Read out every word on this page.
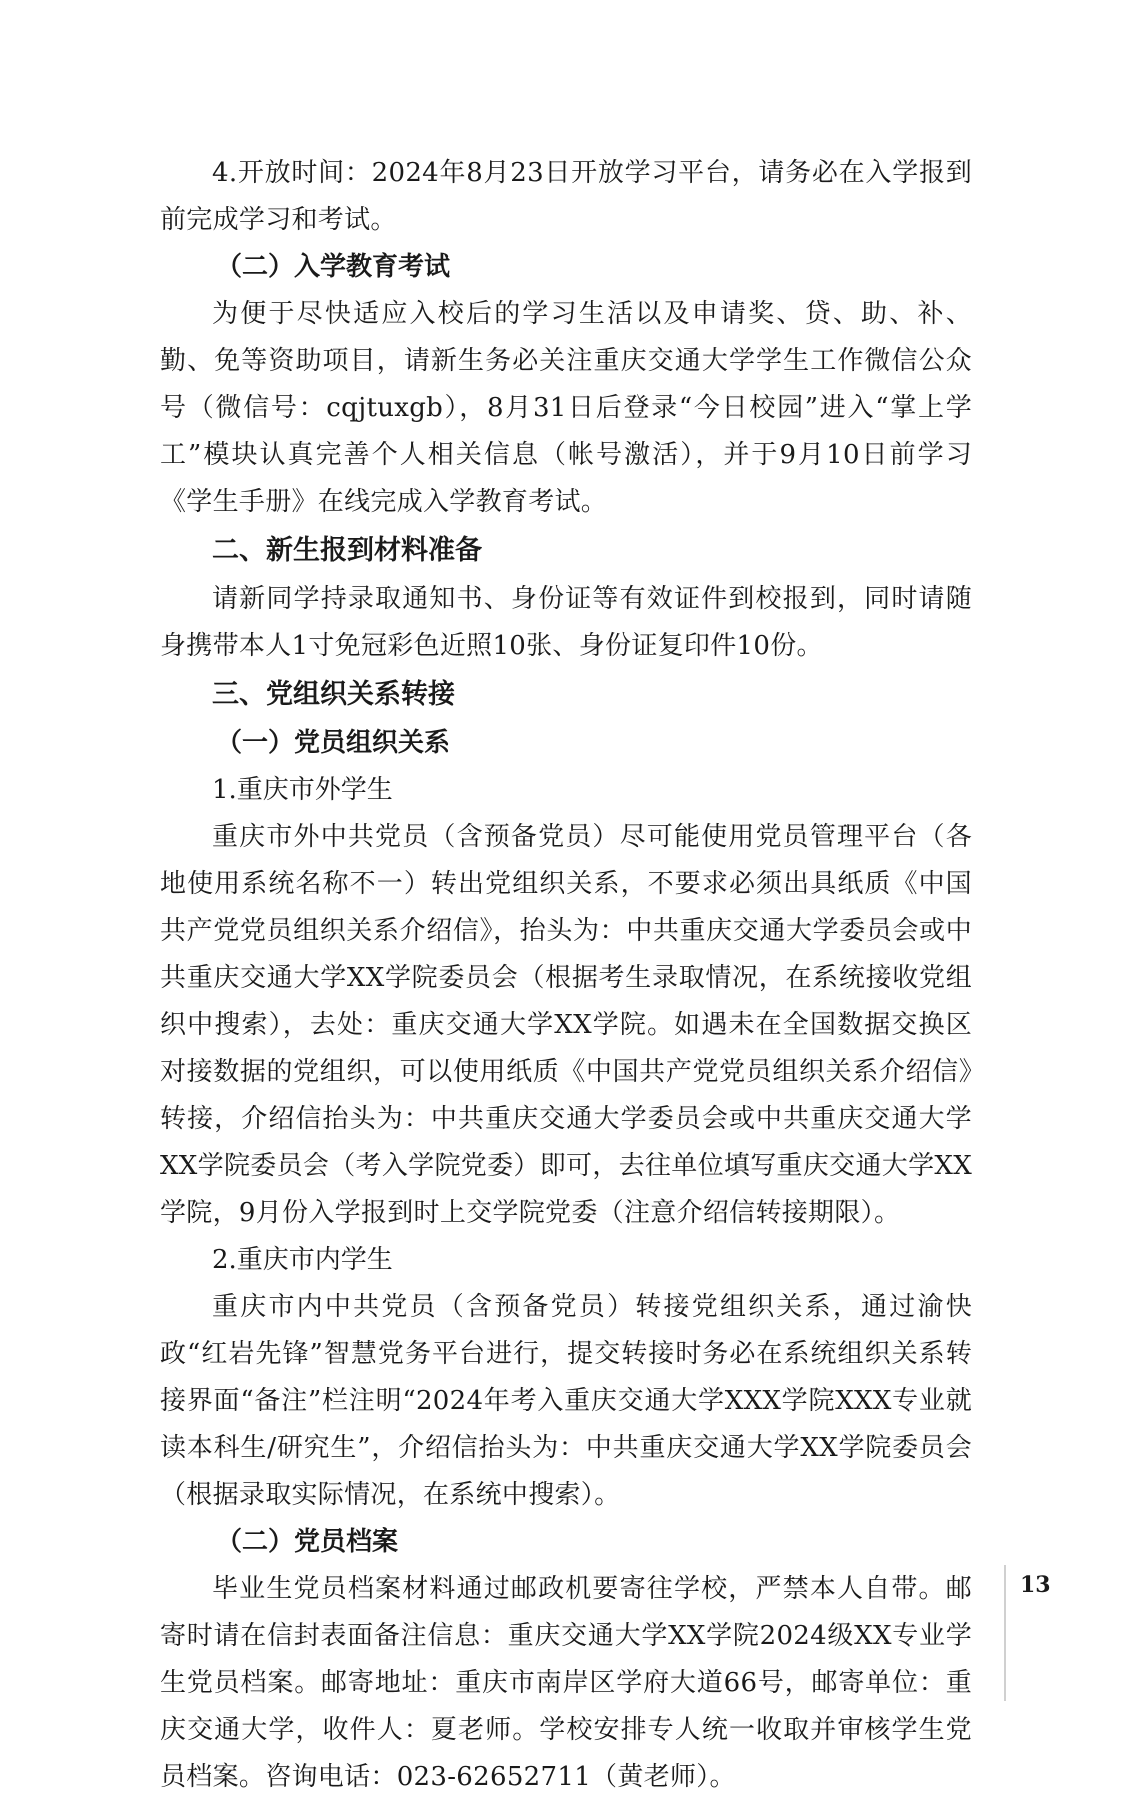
4.开放时间：2024年8月23日开放学习平台，请务必在入学报到前完成学习和考试。

（二）入学教育考试

为便于尽快适应入校后的学习生活以及申请奖、贷、助、补、勤、免等资助项目，请新生务必关注重庆交通大学学生工作微信公众号（微信号：cqjtuxgb），8月31日后登录“今日校园”进入“掌上学工”模块认真完善个人相关信息（帐号激活），并于9月10日前学习《学生手册》在线完成入学教育考试。

二、新生报到材料准备

请新同学持录取通知书、身份证等有效证件到校报到，同时请随身携带本人1寸免冠彩色近照10张、身份证复印件10份。

三、党组织关系转接

（一）党员组织关系

1.重庆市外学生

重庆市外中共党员（含预备党员）尽可能使用党员管理平台（各地使用系统名称不一）转出党组织关系，不要求必须出具纸质《中国共产党党员组织关系介绍信》，抬头为：中共重庆交通大学委员会或中共重庆交通大学XX学院委员会（根据考生录取情况，在系统接收党组织中搜索），去处：重庆交通大学XX学院。如遇未在全国数据交换区对接数据的党组织，可以使用纸质《中国共产党党员组织关系介绍信》转接，介绍信抬头为：中共重庆交通大学委员会或中共重庆交通大学XX学院委员会（考入学院党委）即可，去往单位填写重庆交通大学XX学院，9月份入学报到时上交学院党委（注意介绍信转接期限）。

2.重庆市内学生

重庆市内中共党员（含预备党员）转接党组织关系，通过渝快政“红岩先锋”智慧党务平台进行，提交转接时务必在系统组织关系转接界面“备注”栏注明“2024年考入重庆交通大学XXX学院XXX专业就读本科生/研究生”，介绍信抬头为：中共重庆交通大学XX学院委员会（根据录取实际情况，在系统中搜索）。

（二）党员档案

毕业生党员档案材料通过邮政机要寄往学校，严禁本人自带。邮寄时请在信封表面备注信息：重庆交通大学XX学院2024级XX专业学生党员档案。邮寄地址：重庆市南岸区学府大道66号，邮寄单位：重庆交通大学，收件人：夏老师。学校安排专人统一收取并审核学生党员档案。咨询电话：023-62652711（黄老师）。

13
